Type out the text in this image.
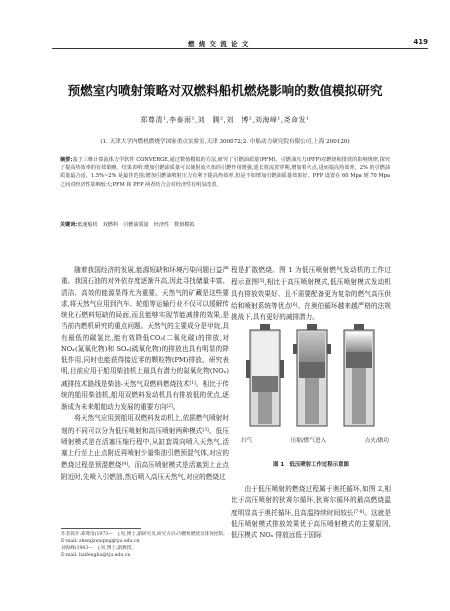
燃 烧 交 流 论 文	419
预燃室内喷射策略对双燃料船机燃烧影响的数值模拟研究
郑尊清¹,李泰雨¹,刘　腾²,刘　博²,刘海峰¹,尧命发¹
(1. 天津大学内燃机燃烧学国家重点实验室,天津 300072;2. 中船动力研究院有限公司,上海 200120)
摘要:基于三维计算流体力学软件 CONVERGE,通过数值模拟的方法,研究了引燃油质量(PFM)、引燃油压力(PFP)对燃烧和排放的影响规律,探究了提高热效率的有效策略。结果表明:增加引燃油质量可以使射流火焰的引燃作用增强,延长射流贯穿期,增加着火点,进而提高热效率。2% 的引燃油质量最合适。1.5%~2% 是最佳范围;增加引燃油喷射压力有利于提高热效率,但是不如增加引燃油质量效果好。PFP 设置在 60 Mpa 到 70 Mpa 之间对经济性影响较大;PFM 和 PFP 两者结合会对经济性有明显改善。
关键词:低速船机　双燃料　引燃油质量　经济性　数值模拟

　　随着我国经济的发展,能源短缺和环境污染问题日益严重。我国石油的对外依存度逐渐升高,因此寻找储量丰富、清洁、高效的能源显得尤为重要。天然气的矿藏是这些要求,将天然气应用到汽车、轮船等运输行业不仅可以缓解传统化石燃料短缺的局面,而且能够实现节能减排的效果,是当前内燃机研究的重点问题。天然气的主要成分是甲烷,具有最低的碳氢比,能有效降低CO₂(二氧化碳)的排放,对NOₓ(氮氧化物)和 SOₓ(硫氧化物)的排放也具有明显的降低作用,同时也能获得接近零的颗粒物(PM)排放。研究表明,目前应用于船用柴油机上最具有潜力的氮氧化物(NOₓ)减排技术路线是柴油-天然气双燃料燃烧技术[1]。相比于传统的船用柴油机,船用双燃料发动机具有排放低的优点,逐渐成为未来船舶动力发展的重要方向[2]。

　　将天然气应用到船用双燃料发动机上,依据燃气喷射时刻的不同可以分为低压喷射和高压喷射两种模式[3]。低压喷射模式是在活塞压缩行程中,从缸套周向喷入天然气,活塞上行至上止点附近再喷射少量柴油引燃预混气体,对应的燃烧过程是预混燃烧[4]。而高压喷射模式是活塞到上止点附近时,先喷入引燃油,然后喷入高压天然气,对应的燃烧过

程是扩散燃烧。图 1 为低压喷射燃气发动机的工作过程示意图[5],相比于高压喷射模式,低压喷射模式发动机具有排放效果好、且不需要配备更为复杂的燃气高压供给和喷射系统等优点[6]。在奥伯循环越来越严格的法规挑战下,具有更好的减排潜力。

扫气	压缩/燃气进入	点火/做功
图 1　低压喷射工作过程示意图

　　由于低压喷射的燃烧过程属于奥托循环,如图 2,相比于高压喷射的狄赛尔循环,狄赛尔循环的最高燃烧温度明显高于奥托循环,且高温持续时间较长[7-8]。这就是低压喷射模式排放效果优于高压喷射模式的主要原因,低压模式 NOₓ 排放远低于国际

作者简介:郑尊清(1973—　),男,博士,副研究员,研究方向:内燃机燃烧及排放控制。
E-mail: zhengzunqing@tju.edu.cn
刘海峰(1983—　),男,博士,副教授。
E-mail: haifengliu@tju.edu.cn
